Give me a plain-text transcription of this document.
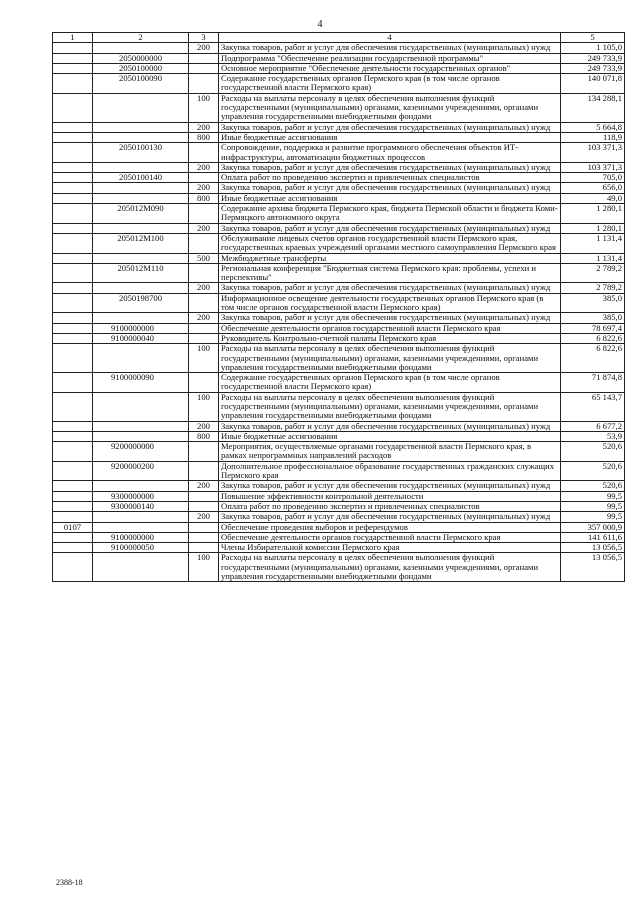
4
1	2	3	4	5
		200	Закупка товаров, работ и услуг для обеспечения государственных (муниципальных) нужд	1 105,0
	2050000000		Подпрограмма "Обеспечение реализации государственной программы"	249 733,9
	2050100000		Основное мероприятие "Обеспечение деятельности государственных органов"	249 733,9
	2050100090		Содержание государственных органов Пермского края (в том числе органов государственной власти Пермского края)	140 071,8
		100	Расходы на выплаты персоналу в целях обеспечения выполнения функций государственными (муниципальными) органами, казенными учреждениями, органами управления государственными внебюджетными фондами	134 288,1
		200	Закупка товаров, работ и услуг для обеспечения государственных (муниципальных) нужд	5 664,8
		800	Иные бюджетные ассигнования	118,9
	2050100130		Сопровождение, поддержка и развитие программного обеспечения объектов ИТ-инфраструктуры, автоматизации бюджетных процессов	103 371,3
		200	Закупка товаров, работ и услуг для обеспечения государственных (муниципальных) нужд	103 371,3
	2050100140		Оплата работ по проведению экспертиз и привлеченных специалистов	705,0
		200	Закупка товаров, работ и услуг для обеспечения государственных (муниципальных) нужд	656,0
		800	Иные бюджетные ассигнования	49,0
	205012М090		Содержание архива бюджета Пермского края, бюджета Пермской области и бюджета Коми-Пермяцкого автономного округа	1 280,1
		200	Закупка товаров, работ и услуг для обеспечения государственных (муниципальных) нужд	1 280,1
	205012М100		Обслуживание лицевых счетов органов государственной власти Пермского края, государственных краевых учреждений органами местного самоуправления Пермского края	1 131,4
		500	Межбюджетные трансферты	1 131,4
	205012М110		Региональная конференция "Бюджетная система Пермского края: проблемы, успехи и перспективы"	2 789,2
		200	Закупка товаров, работ и услуг для обеспечения государственных (муниципальных) нужд	2 789,2
	2050198700		Информационное освещение деятельности государственных органов Пермского края (в том числе органов государственной власти Пермского края)	385,0
		200	Закупка товаров, работ и услуг для обеспечения государственных (муниципальных) нужд	385,0
	9100000000		Обеспечение деятельности органов государственной власти Пермского края	78 697,4
	9100000040		Руководитель Контрольно-счетной палаты Пермского края	6 822,6
		100	Расходы на выплаты персоналу в целях обеспечения выполнения функций государственными (муниципальными) органами, казенными учреждениями, органами управления государственными внебюджетными фондами	6 822,6
	9100000090		Содержание государственных органов Пермского края (в том числе органов государственной власти Пермского края)	71 874,8
		100	Расходы на выплаты персоналу в целях обеспечения выполнения функций государственными (муниципальными) органами, казенными учреждениями, органами управления государственными внебюджетными фондами	65 143,7
		200	Закупка товаров, работ и услуг для обеспечения государственных (муниципальных) нужд	6 677,2
		800	Иные бюджетные ассигнования	53,9
	9200000000		Мероприятия, осуществляемые органами государственной власти Пермского края, в рамках непрограммных направлений расходов	520,6
	9200000200		Дополнительное профессиональное образование государственных гражданских служащих Пермского края	520,6
		200	Закупка товаров, работ и услуг для обеспечения государственных (муниципальных) нужд	520,6
	9300000000		Повышение эффективности контрольной деятельности	99,5
	9300000140		Оплата работ по проведению экспертиз и привлеченных специалистов	99,5
		200	Закупка товаров, работ и услуг для обеспечения государственных (муниципальных) нужд	99,5
0107			Обеспечение проведения выборов и референдумов	357 000,9
	9100000000		Обеспечение деятельности органов государственной власти Пермского края	141 611,6
	9100000050		Члены Избирательной комиссии Пермского края	13 056,5
		100	Расходы на выплаты персоналу в целях обеспечения выполнения функций государственными (муниципальными) органами, казенными учреждениями, органами управления государственными внебюджетными фондами	13 056,5
2388-18
